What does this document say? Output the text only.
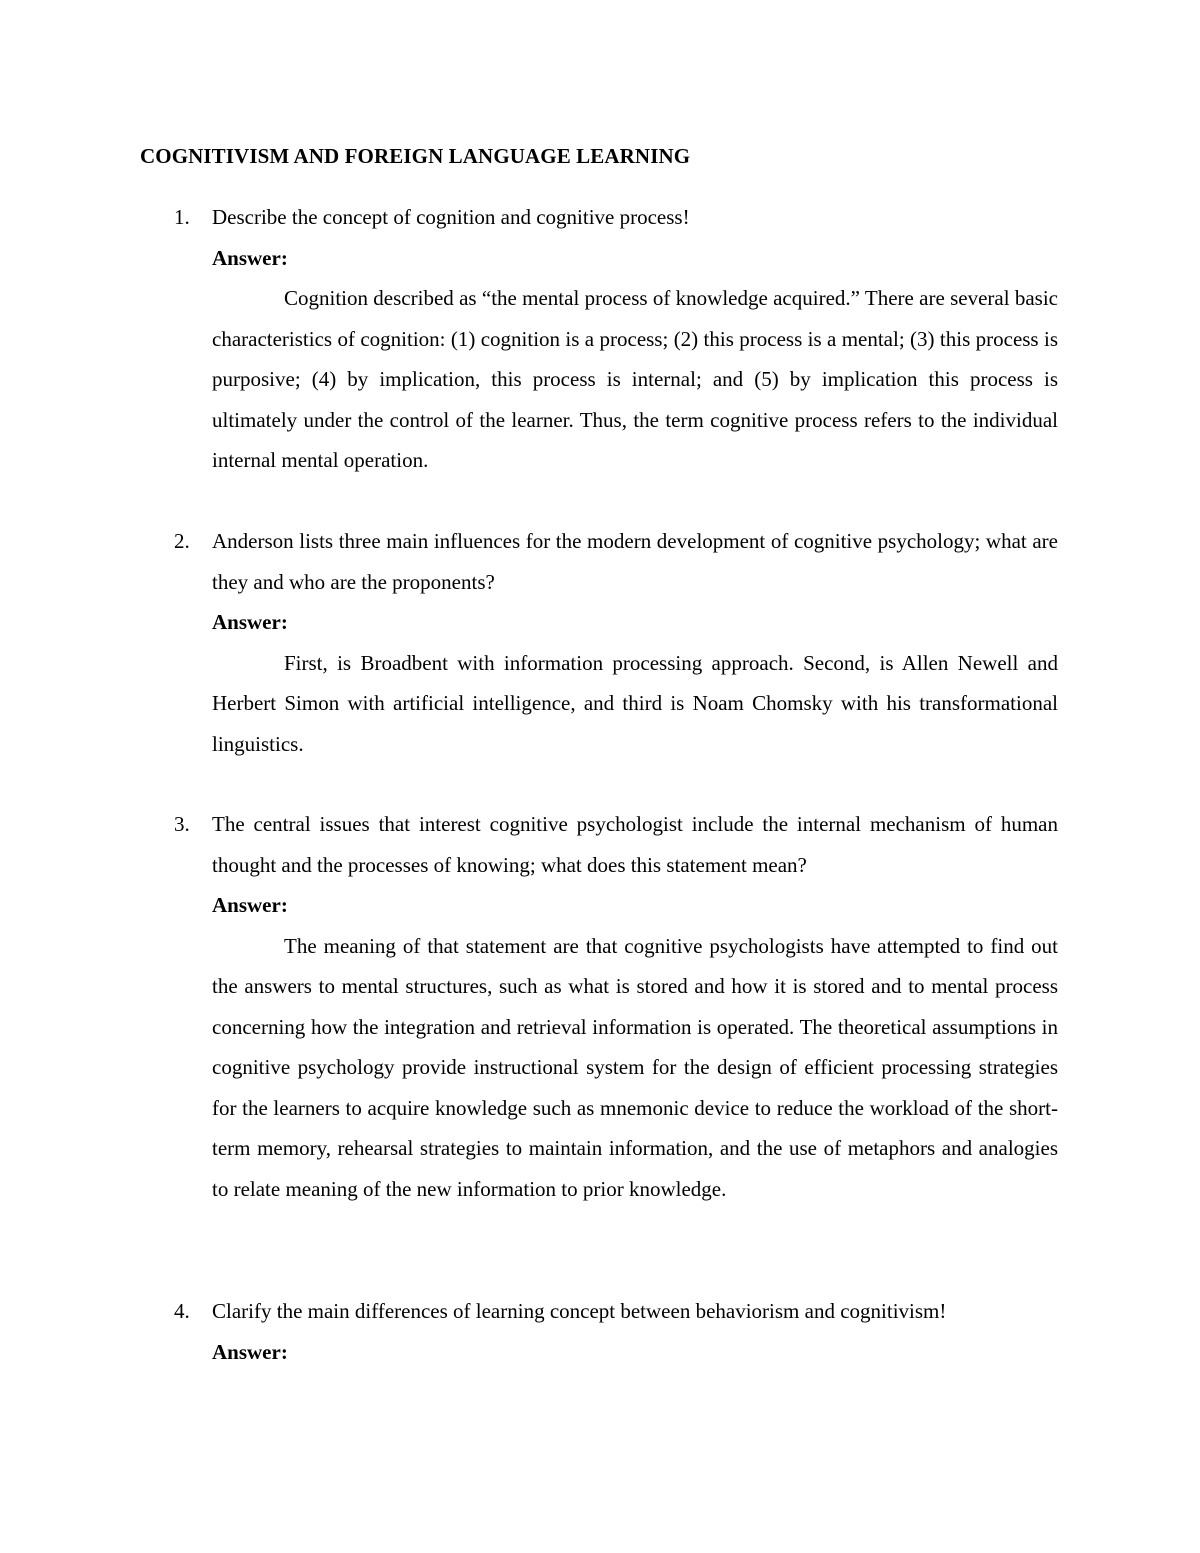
COGNITIVISM AND FOREIGN LANGUAGE LEARNING
1. Describe the concept of cognition and cognitive process!

Answer:

Cognition described as “the mental process of knowledge acquired.” There are several basic characteristics of cognition: (1) cognition is a process; (2) this process is a mental; (3) this process is purposive; (4) by implication, this process is internal; and (5) by implication this process is ultimately under the control of the learner. Thus, the term cognitive process refers to the individual internal mental operation.

2. Anderson lists three main influences for the modern development of cognitive psychology; what are they and who are the proponents?

Answer:

First, is Broadbent with information processing approach. Second, is Allen Newell and Herbert Simon with artificial intelligence, and third is Noam Chomsky with his transformational linguistics.

3. The central issues that interest cognitive psychologist include the internal mechanism of human thought and the processes of knowing; what does this statement mean?

Answer:

The meaning of that statement are that cognitive psychologists have attempted to find out the answers to mental structures, such as what is stored and how it is stored and to mental process concerning how the integration and retrieval information is operated. The theoretical assumptions in cognitive psychology provide instructional system for the design of efficient processing strategies for the learners to acquire knowledge such as mnemonic device to reduce the workload of the short-term memory, rehearsal strategies to maintain information, and the use of metaphors and analogies to relate meaning of the new information to prior knowledge.

4. Clarify the main differences of learning concept between behaviorism and cognitivism!

Answer:
